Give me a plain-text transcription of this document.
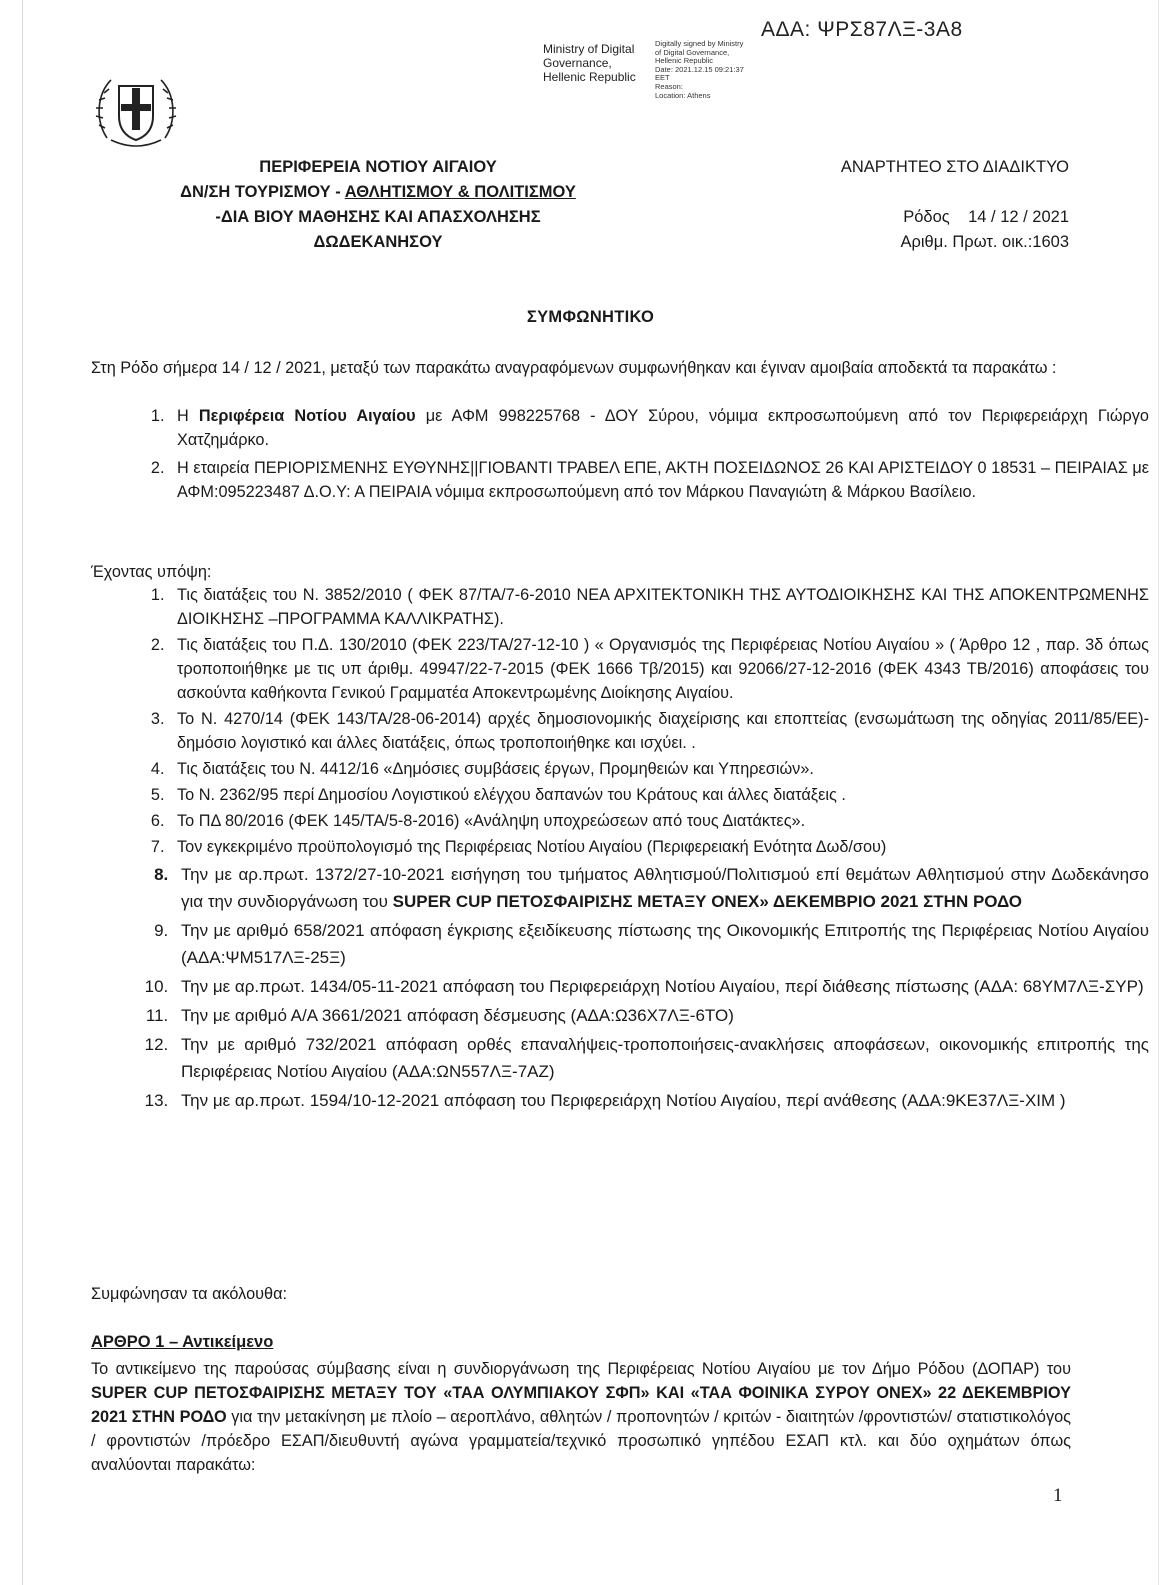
ΑΔΑ: ΨΡΣ87ΛΞ-3Α8
Ministry of Digital Governance, Hellenic Republic
Digitally signed by Ministry
of Digital Governance,
Hellenic Republic
Date: 2021.12.15 09:21:37
EET
Reason:
Location: Athens
ΠΕΡΙΦΕΡΕΙΑ ΝΟΤΙΟΥ ΑΙΓΑΙΟΥ
ΔΝ/ΣΗ ΤΟΥΡΙΣΜΟΥ - ΑΘΛΗΤΙΣΜΟΥ & ΠΟΛΙΤΙΣΜΟΥ
-ΔΙΑ ΒΙΟΥ ΜΑΘΗΣΗΣ ΚΑΙ ΑΠΑΣΧΟΛΗΣΗΣ
ΔΩΔΕΚΑΝΗΣΟΥ
ΑΝΑΡΤΗΤΕΟ ΣΤΟ ΔΙΑΔΙΚΤΥΟ
Ρόδος    14 / 12 / 2021
Αριθμ. Πρωτ. οικ.:1603
ΣΥΜΦΩΝΗΤΙΚΟ
Στη Ρόδο σήμερα 14 / 12 / 2021, μεταξύ των παρακάτω αναγραφόμενων συμφωνήθηκαν και έγιναν αμοιβαία αποδεκτά τα παρακάτω :
1. Η Περιφέρεια Νοτίου Αιγαίου με ΑΦΜ 998225768 - ΔΟΥ Σύρου, νόμιμα εκπροσωπούμενη από τον Περιφερειάρχη Γιώργο Χατζημάρκο.
2. Η εταιρεία ΠΕΡΙΟΡΙΣΜΕΝΗΣ ΕΥΘΥΝΗΣ||ΓΙΟΒΑΝΤΙ ΤΡΑΒΕΛ ΕΠΕ, ΑΚΤΗ ΠΟΣΕΙΔΩΝΟΣ 26 ΚΑΙ ΑΡΙΣΤΕΙΔΟΥ 0 18531 – ΠΕΙΡΑΙΑΣ με ΑΦΜ:095223487 Δ.Ο.Υ: Α ΠΕΙΡΑΙΑ νόμιμα εκπροσωπούμενη από τον Μάρκου Παναγιώτη & Μάρκου Βασίλειο.
Έχοντας υπόψη:
1. Τις διατάξεις του Ν. 3852/2010 ( ΦΕΚ 87/ΤΑ/7-6-2010 ΝΕΑ ΑΡΧΙΤΕΚΤΟΝΙΚΗ ΤΗΣ ΑΥΤΟΔΙΟΙΚΗΣΗΣ ΚΑΙ ΤΗΣ ΑΠΟΚΕΝΤΡΩΜΕΝΗΣ ΔΙΟΙΚΗΣΗΣ –ΠΡΟΓΡΑΜΜΑ ΚΑΛΛΙΚΡΑΤΗΣ).
2. Τις διατάξεις του Π.Δ. 130/2010 (ΦΕΚ 223/ΤΑ/27-12-10 ) « Οργανισμός της Περιφέρειας Νοτίου Αιγαίου » ( Άρθρο 12 , παρ. 3δ όπως τροποποιήθηκε με τις υπ άριθμ. 49947/22-7-2015 (ΦΕΚ 1666 Τβ/2015) και 92066/27-12-2016 (ΦΕΚ 4343 ΤΒ/2016) αποφάσεις του ασκούντα καθήκοντα Γενικού Γραμματέα Αποκεντρωμένης Διοίκησης Αιγαίου.
3. Το Ν. 4270/14 (ΦΕΚ 143/ΤΑ/28-06-2014) αρχές δημοσιονομικής διαχείρισης και εποπτείας (ενσωμάτωση της οδηγίας 2011/85/ΕΕ)- δημόσιο λογιστικό και άλλες διατάξεις, όπως τροποποιήθηκε και ισχύει. .
4. Τις διατάξεις του Ν. 4412/16 «Δημόσιες συμβάσεις έργων, Προμηθειών και Υπηρεσιών».
5. Το Ν. 2362/95 περί Δημοσίου Λογιστικού ελέγχου δαπανών του Κράτους και άλλες διατάξεις .
6. Το ΠΔ 80/2016 (ΦΕΚ 145/ΤΑ/5-8-2016) «Ανάληψη υποχρεώσεων από τους Διατάκτες».
7. Τον εγκεκριμένο προϋπολογισμό της Περιφέρειας Νοτίου Αιγαίου (Περιφερειακή Ενότητα Δωδ/σου)
8. Την με αρ.πρωτ. 1372/27-10-2021 εισήγηση του τμήματος Αθλητισμού/Πολιτισμού επί θεμάτων Αθλητισμού στην Δωδεκάνησο για την συνδιοργάνωση του SUPER CUP ΠΕΤΟΣΦΑΙΡΙΣΗΣ ΜΕΤΑΞΥ ΟΝΕΧ» ΔΕΚΕΜΒΡΙΟ 2021 ΣΤΗΝ ΡΟΔΟ
9. Την με αριθμό 658/2021 απόφαση έγκρισης εξειδίκευσης πίστωσης της Οικονομικής Επιτροπής της Περιφέρειας Νοτίου Αιγαίου (ΑΔΑ:ΨΜ517ΛΞ-25Ξ)
10. Την με αρ.πρωτ. 1434/05-11-2021 απόφαση του Περιφερειάρχη Νοτίου Αιγαίου, περί διάθεσης πίστωσης (ΑΔΑ: 68ΥΜ7ΛΞ-ΣΥΡ)
11. Την με αριθμό Α/Α 3661/2021 απόφαση δέσμευσης (ΑΔΑ:Ω36Χ7ΛΞ-6ΤΟ)
12. Την με αριθμό 732/2021 απόφαση ορθές επαναλήψεις-τροποποιήσεις-ανακλήσεις αποφάσεων, οικονομικής επιτροπής της Περιφέρειας Νοτίου Αιγαίου (ΑΔΑ:ΩΝ557ΛΞ-7ΑΖ)
13. Την με αρ.πρωτ. 1594/10-12-2021 απόφαση του Περιφερειάρχη Νοτίου Αιγαίου, περί ανάθεσης (ΑΔΑ:9ΚΕ37ΛΞ-ΧΙΜ )
Συμφώνησαν τα ακόλουθα:
ΑΡΘΡΟ 1 – Αντικείμενο
Το αντικείμενο της παρούσας σύμβασης είναι η συνδιοργάνωση της Περιφέρειας Νοτίου Αιγαίου με τον Δήμο Ρόδου (ΔΟΠΑΡ) του SUPER CUP ΠΕΤΟΣΦΑΙΡΙΣΗΣ ΜΕΤΑΞΥ ΤΟΥ «ΤΑΑ ΟΛΥΜΠΙΑΚΟΥ ΣΦΠ» ΚΑΙ «ΤΑΑ ΦΟΙΝΙΚΑ ΣΥΡΟΥ ΟΝΕΧ» 22 ΔΕΚΕΜΒΡΙΟΥ 2021 ΣΤΗΝ ΡΟΔΟ για την μετακίνηση με πλοίο – αεροπλάνο, αθλητών / προπονητών / κριτών - διαιτητών /φροντιστών/ στατιστικολόγος / φροντιστών /πρόεδρο ΕΣΑΠ/διευθυντή αγώνα γραμματεία/τεχνικό προσωπικό γηπέδου ΕΣΑΠ κτλ. και δύο οχημάτων όπως αναλύονται παρακάτω:
1
